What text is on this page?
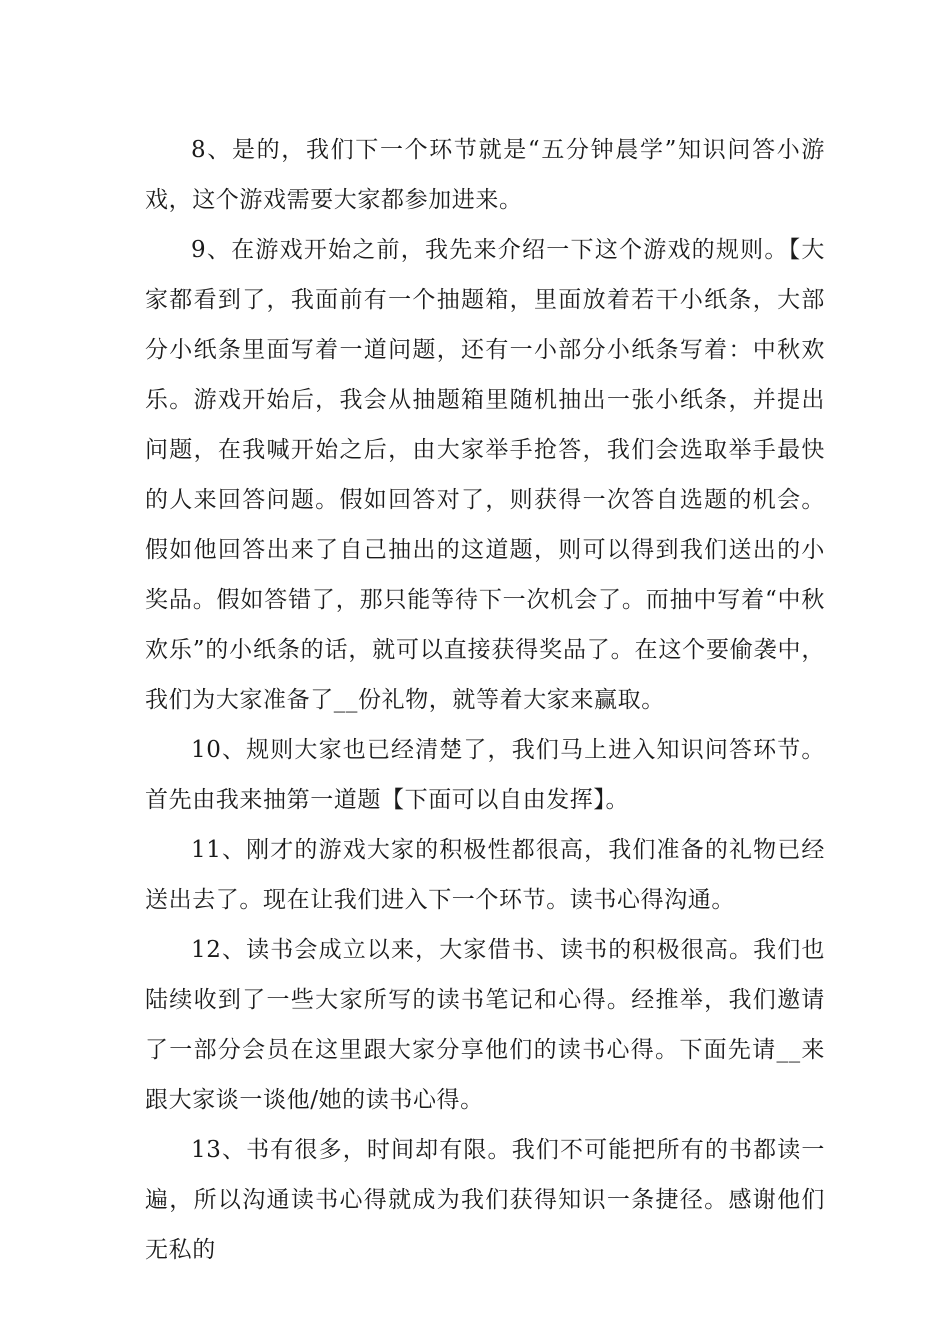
8、是的，我们下一个环节就是“五分钟晨学”知识问答小游戏，这个游戏需要大家都参加进来。

9、在游戏开始之前，我先来介绍一下这个游戏的规则。【大家都看到了，我面前有一个抽题箱，里面放着若干小纸条，大部分小纸条里面写着一道问题，还有一小部分小纸条写着：中秋欢乐。游戏开始后，我会从抽题箱里随机抽出一张小纸条，并提出问题，在我喊开始之后，由大家举手抢答，我们会选取举手最快的人来回答问题。假如回答对了，则获得一次答自选题的机会。假如他回答出来了自己抽出的这道题，则可以得到我们送出的小奖品。假如答错了，那只能等待下一次机会了。而抽中写着“中秋欢乐”的小纸条的话，就可以直接获得奖品了。在这个要偷袭中，我们为大家准备了__份礼物，就等着大家来赢取。

10、规则大家也已经清楚了，我们马上进入知识问答环节。首先由我来抽第一道题【下面可以自由发挥】。

11、刚才的游戏大家的积极性都很高，我们准备的礼物已经送出去了。现在让我们进入下一个环节。读书心得沟通。

12、读书会成立以来，大家借书、读书的积极很高。我们也陆续收到了一些大家所写的读书笔记和心得。经推举，我们邀请了一部分会员在这里跟大家分享他们的读书心得。下面先请__来跟大家谈一谈他/她的读书心得。

13、书有很多，时间却有限。我们不可能把所有的书都读一遍，所以沟通读书心得就成为我们获得知识一条捷径。感谢他们无私的
